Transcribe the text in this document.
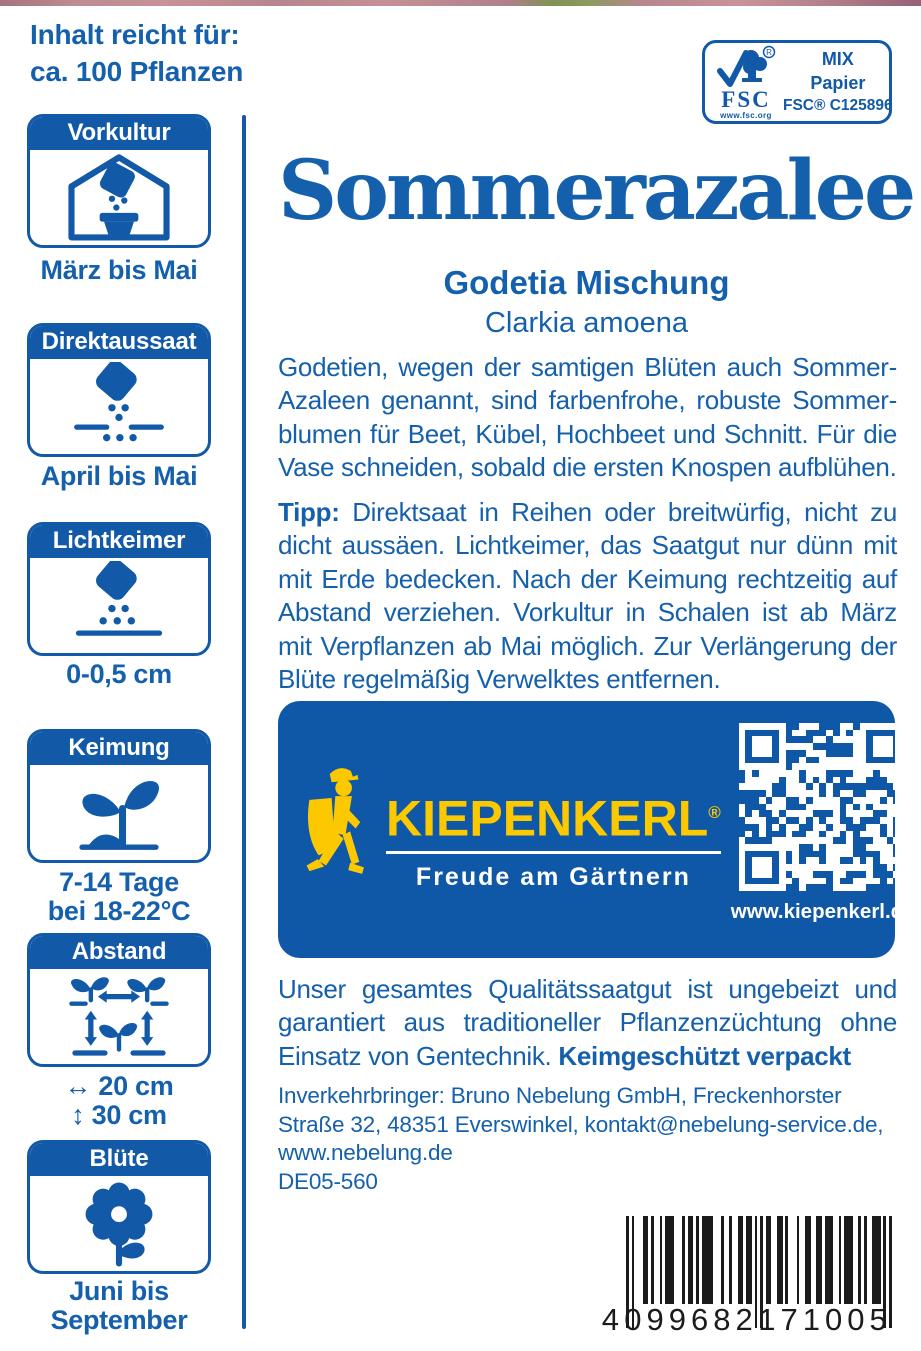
Inhalt reicht für:
ca. 100 Pflanzen
R
FSC
www.fsc.org
MIX
Papier
FSC® C125896
Vorkultur
März bis Mai
Direktaussaat
April bis Mai
Lichtkeimer
0-0,5 cm
Keimung
7-14 Tage
bei 18-22°C
Abstand
↔ 20 cm
↕ 30 cm
Blüte
Juni bis
September
Sommerazalee
Godetia Mischung
Clarkia amoena
Godetien, wegen der samtigen Blüten auch Sommer-
Azaleen genannt, sind farbenfrohe, robuste Sommer-
blumen für Beet, Kübel, Hochbeet und Schnitt. Für die
Vase schneiden, sobald die ersten Knospen aufblühen.
Tipp: Direktsaat in Reihen oder breitwürfig, nicht zu
dicht aussäen. Lichtkeimer, das Saatgut nur dünn mit
mit Erde bedecken. Nach der Keimung rechtzeitig auf
Abstand verziehen. Vorkultur in Schalen ist ab März
mit Verpflanzen ab Mai möglich. Zur Verlängerung der
Blüte regelmäßig Verwelktes entfernen.
KIEPENKERL®
Freude am Gärtnern
www.kiepenkerl.de
Unser gesamtes Qualitätssaatgut ist ungebeizt und
garantiert aus traditioneller Pflanzenzüchtung ohne
Einsatz von Gentechnik. Keimgeschützt verpackt
Inverkehrbringer: Bruno Nebelung GmbH, Freckenhorster
Straße 32, 48351 Everswinkel, kontakt@nebelung-service.de,
www.nebelung.de
DE05-560
4 099682 171005
